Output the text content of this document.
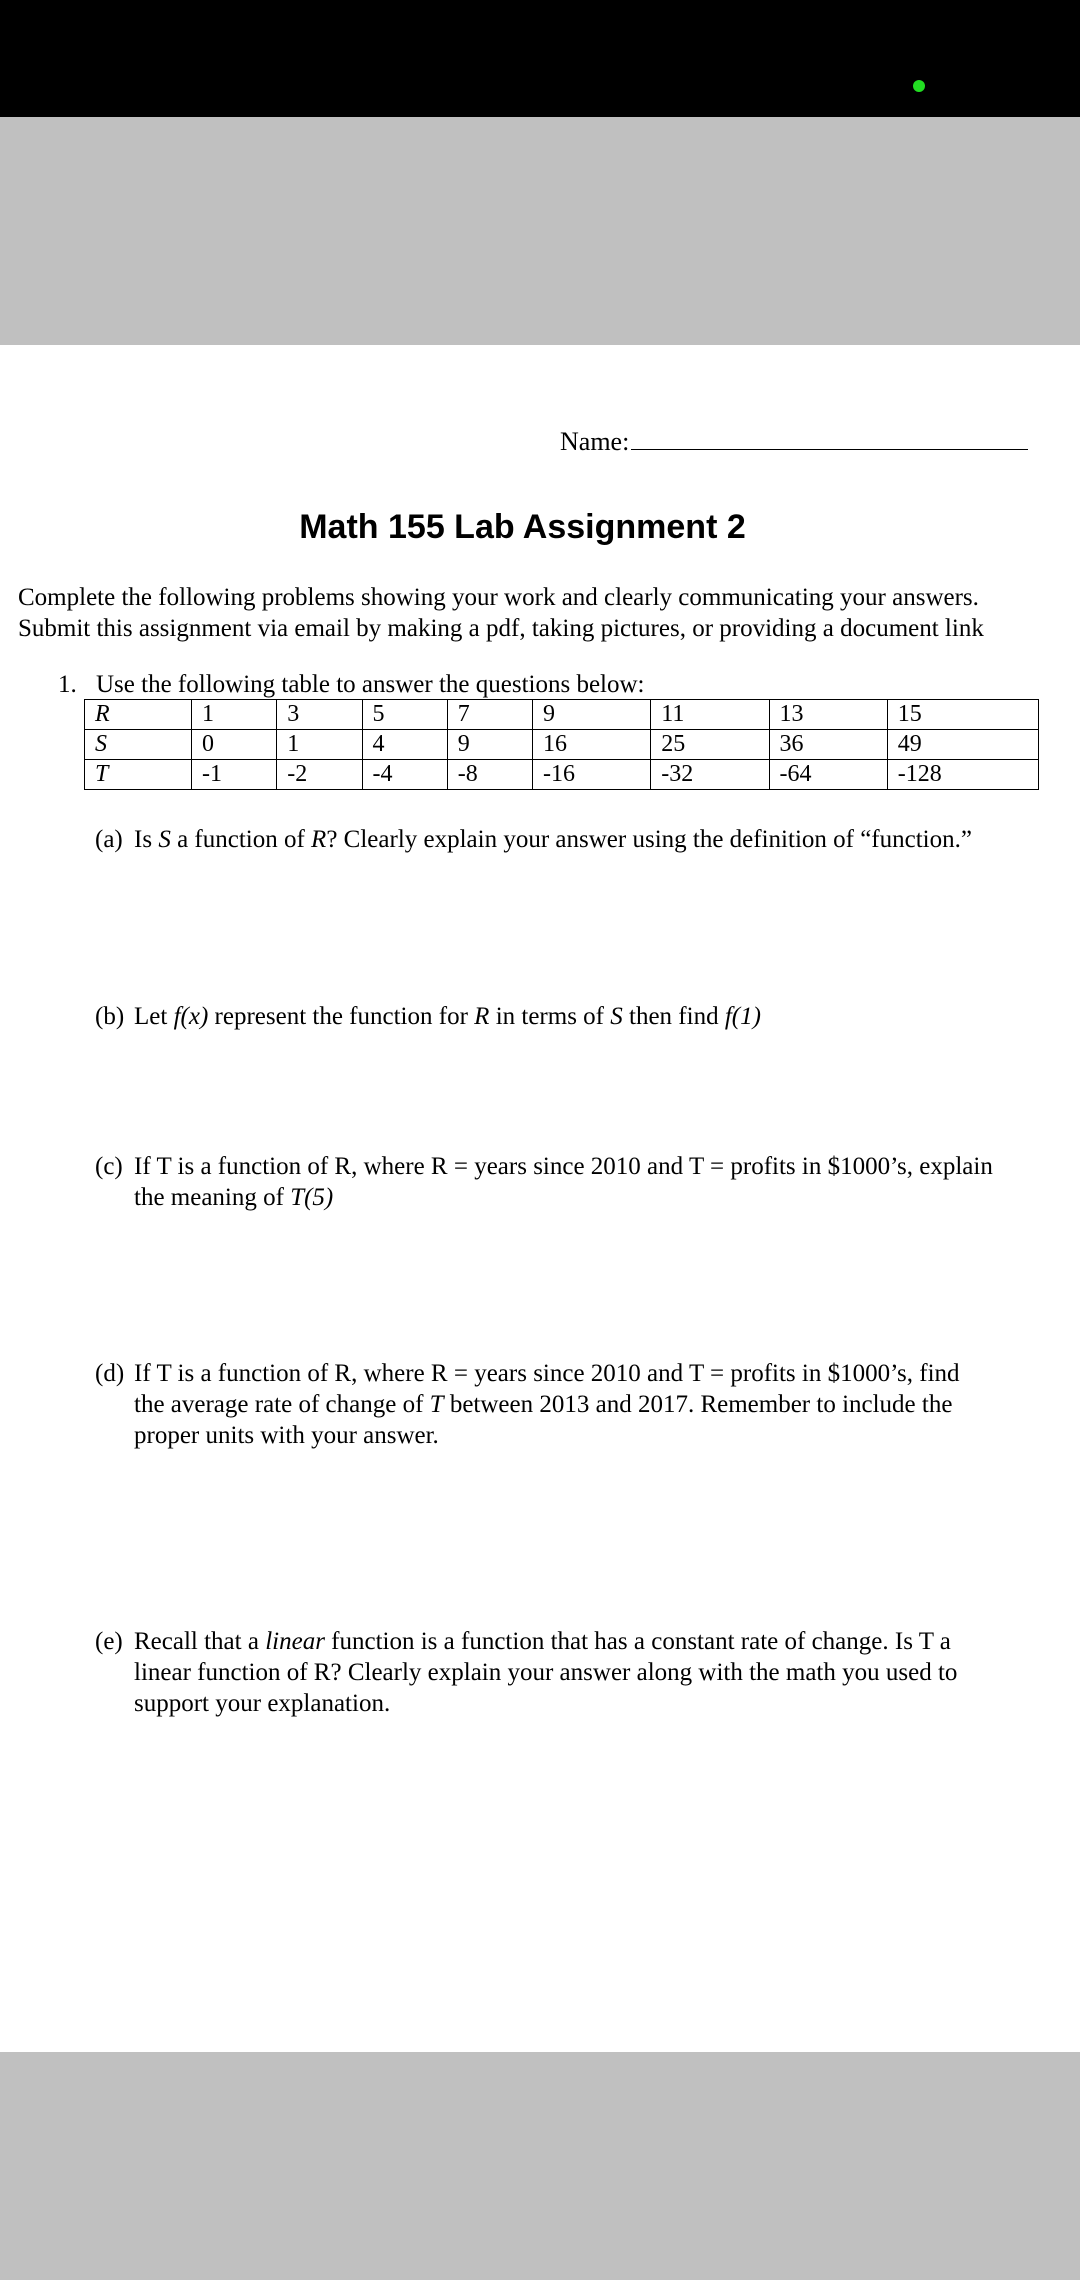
Name:
Math 155 Lab Assignment 2
Complete the following problems showing your work and clearly communicating your answers.
Submit this assignment via email by making a pdf, taking pictures, or providing a document link
1. Use the following table to answer the questions below:
R	1	3	5	7	9	11	13	15
S	0	1	4	9	16	25	36	49
T	-1	-2	-4	-8	-16	-32	-64	-128
(a) Is S a function of R? Clearly explain your answer using the definition of “function.”
(b) Let f(x) represent the function for R in terms of S then find f(1)
(c) If T is a function of R, where R = years since 2010 and T = profits in $1000’s, explain
the meaning of T(5)
(d) If T is a function of R, where R = years since 2010 and T = profits in $1000’s, find
the average rate of change of T between 2013 and 2017. Remember to include the
proper units with your answer.
(e) Recall that a linear function is a function that has a constant rate of change. Is T a
linear function of R? Clearly explain your answer along with the math you used to
support your explanation.
